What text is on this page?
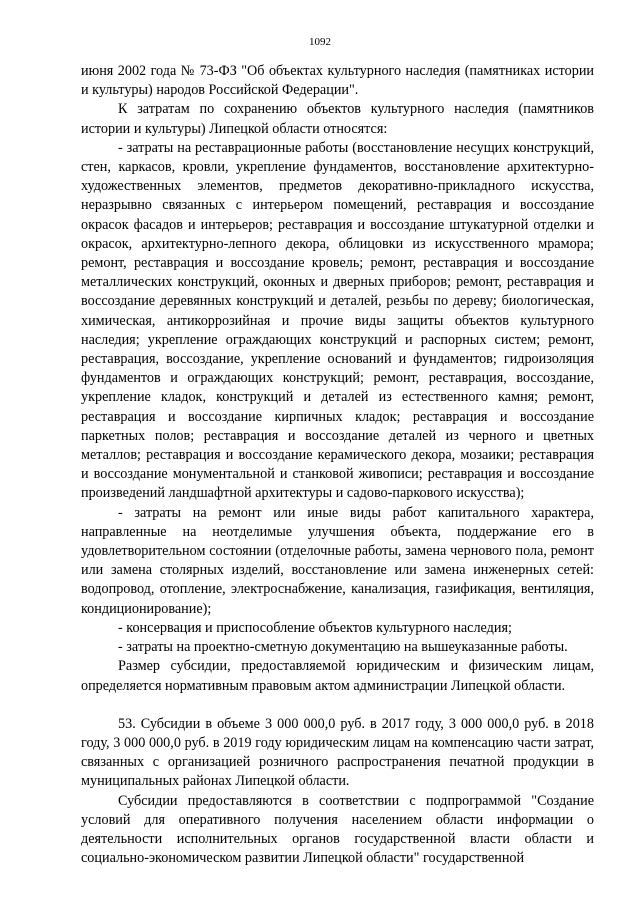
1092

июня 2002 года № 73-ФЗ "Об объектах культурного наследия (памятниках истории и культуры) народов Российской Федерации".

К затратам по сохранению объектов культурного наследия (памятников истории и культуры) Липецкой области относятся:

- затраты на реставрационные работы (восстановление несущих конструкций, стен, каркасов, кровли, укрепление фундаментов, восстановление архитектурно-художественных элементов, предметов декоративно-прикладного искусства, неразрывно связанных с интерьером помещений, реставрация и воссоздание окрасок фасадов и интерьеров; реставрация и воссоздание штукатурной отделки и окрасок, архитектурно-лепного декора, облицовки из искусственного мрамора; ремонт, реставрация и воссоздание кровель; ремонт, реставрация и воссоздание металлических конструкций, оконных и дверных приборов; ремонт, реставрация и воссоздание деревянных конструкций и деталей, резьбы по дереву; биологическая, химическая, антикоррозийная и прочие виды защиты объектов культурного наследия; укрепление ограждающих конструкций и распорных систем; ремонт, реставрация, воссоздание, укрепление оснований и фундаментов; гидроизоляция фундаментов и ограждающих конструкций; ремонт, реставрация, воссоздание, укрепление кладок, конструкций и деталей из естественного камня; ремонт, реставрация и воссоздание кирпичных кладок; реставрация и воссоздание паркетных полов; реставрация и воссоздание деталей из черного и цветных металлов; реставрация и воссоздание керамического декора, мозаики; реставрация и воссоздание монументальной и станковой живописи; реставрация и воссоздание произведений ландшафтной архитектуры и садово-паркового искусства);

- затраты на ремонт или иные виды работ капитального характера, направленные на неотделимые улучшения объекта, поддержание его в удовлетворительном состоянии (отделочные работы, замена чернового пола, ремонт или замена столярных изделий, восстановление или замена инженерных сетей: водопровод, отопление, электроснабжение, канализация, газификация, вентиляция, кондиционирование);

- консервация и приспособление объектов культурного наследия;

- затраты на проектно-сметную документацию на вышеуказанные работы.

Размер субсидии, предоставляемой юридическим и физическим лицам, определяется нормативным правовым актом администрации Липецкой области.

53. Субсидии в объеме 3 000 000,0 руб. в 2017 году, 3 000 000,0 руб. в 2018 году, 3 000 000,0 руб. в 2019 году юридическим лицам на компенсацию части затрат, связанных с организацией розничного распространения печатной продукции в муниципальных районах Липецкой области.

Субсидии предоставляются в соответствии с подпрограммой "Создание условий для оперативного получения населением области информации о деятельности исполнительных органов государственной власти области и социально-экономическом развитии Липецкой области" государственной
